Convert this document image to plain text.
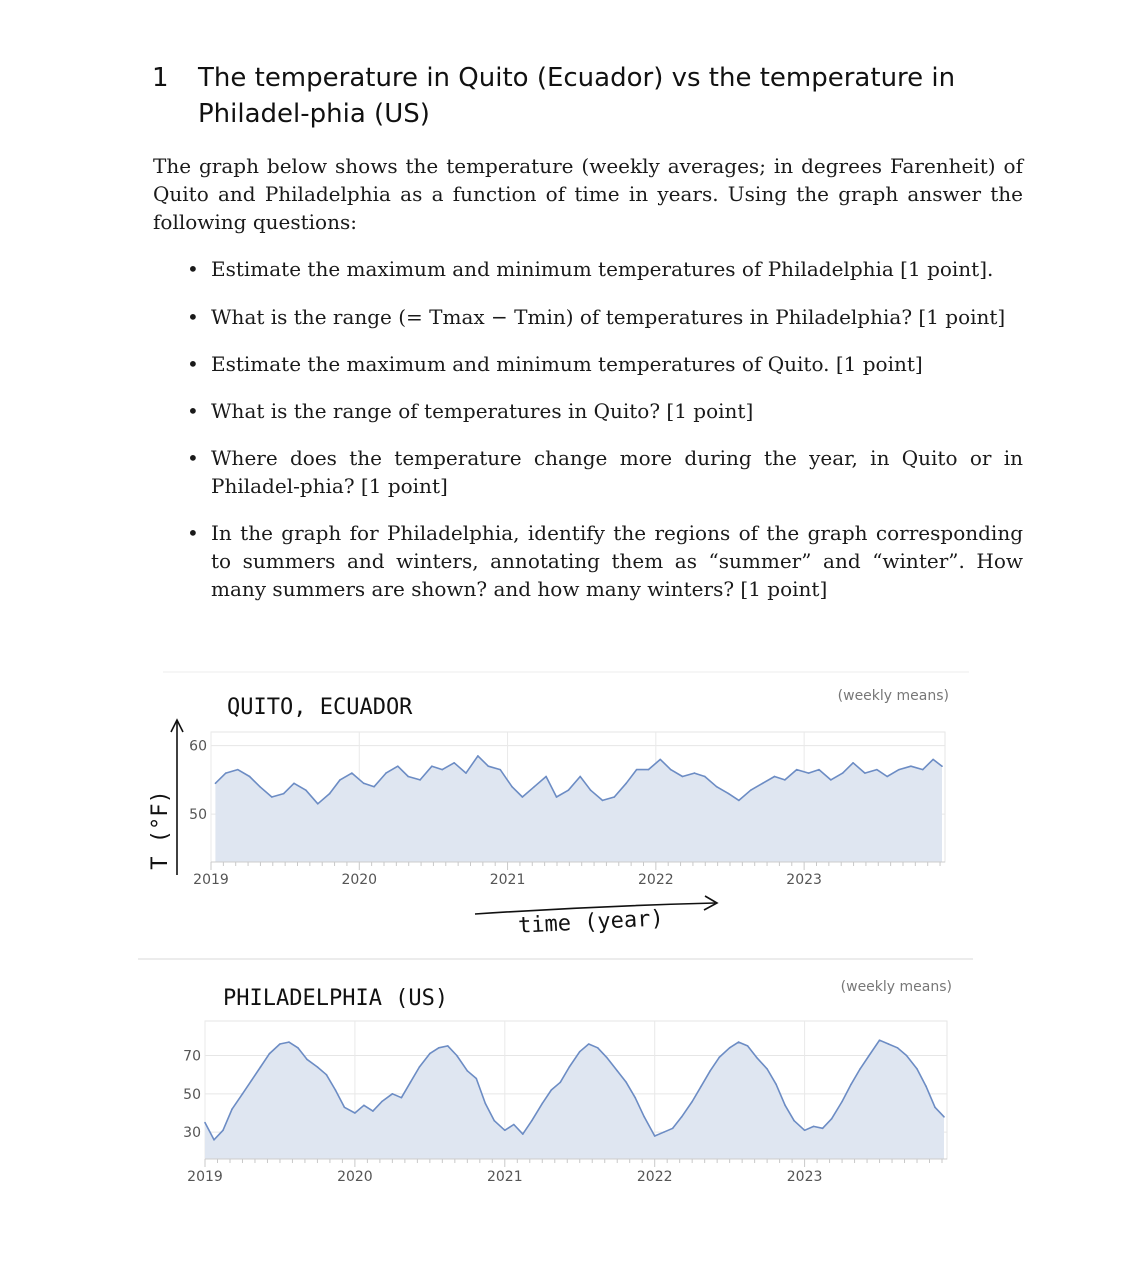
1 The temperature in Quito (Ecuador) vs the temperature in Philadel-phia (US)
The graph below shows the temperature (weekly averages; in degrees Farenheit) of Quito and Philadelphia as a function of time in years. Using the graph answer the following questions:
• Estimate the maximum and minimum temperatures of Philadelphia [1 point].
• What is the range (= Tmax − Tmin) of temperatures in Philadelphia? [1 point]
• Estimate the maximum and minimum temperatures of Quito. [1 point]
• What is the range of temperatures in Quito? [1 point]
• Where does the temperature change more during the year, in Quito or in Philadel-phia? [1 point]
• In the graph for Philadelphia, identify the regions of the graph corresponding to summers and winters, annotating them as “summer” and “winter”. How many summers are shown? and how many winters? [1 point]
60
50
2019	2020	2021	2022	2023
(weekly means)
QUITO, ECUADOR
T (°F)
time (year)
70
50
30
2019	2020	2021	2022	2023
(weekly means)
PHILADELPHIA (US)
